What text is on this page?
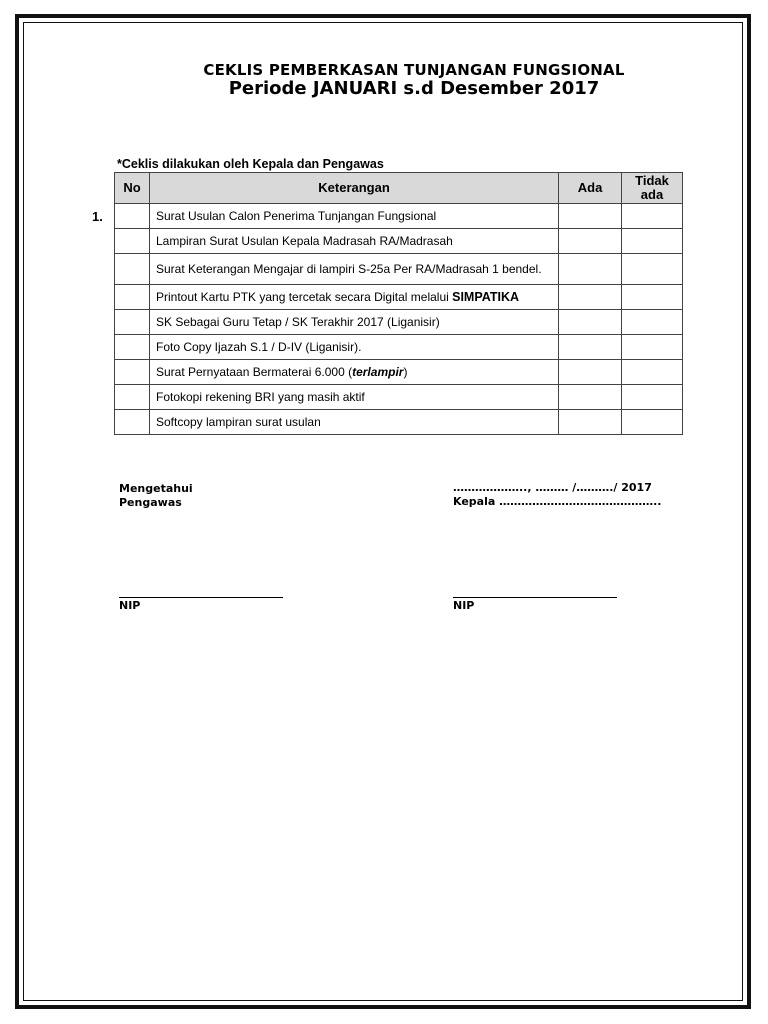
CEKLIS PEMBERKASAN TUNJANGAN FUNGSIONAL
Periode JANUARI s.d Desember 2017
*Ceklis dilakukan oleh Kepala dan Pengawas
1.
No	Keterangan	Ada	Tidak
ada
	Surat Usulan Calon Penerima Tunjangan Fungsional		
	Lampiran Surat Usulan Kepala Madrasah RA/Madrasah		
	Surat Keterangan Mengajar di lampiri S-25a Per RA/Madrasah 1 bendel.		
	Printout Kartu PTK yang tercetak secara Digital melalui SIMPATIKA		
	SK Sebagai Guru Tetap / SK Terakhir 2017 (Liganisir)		
	Foto Copy Ijazah S.1 / D-IV (Liganisir).		
	Surat Pernyataan Bermaterai 6.000 (terlampir)		
	Fotokopi rekening BRI yang masih aktif		
	Softcopy lampiran surat usulan		
Mengetahui
Pengawas
NIP
……………….., ……… /………./ 2017
Kepala ……………………………………..
NIP
